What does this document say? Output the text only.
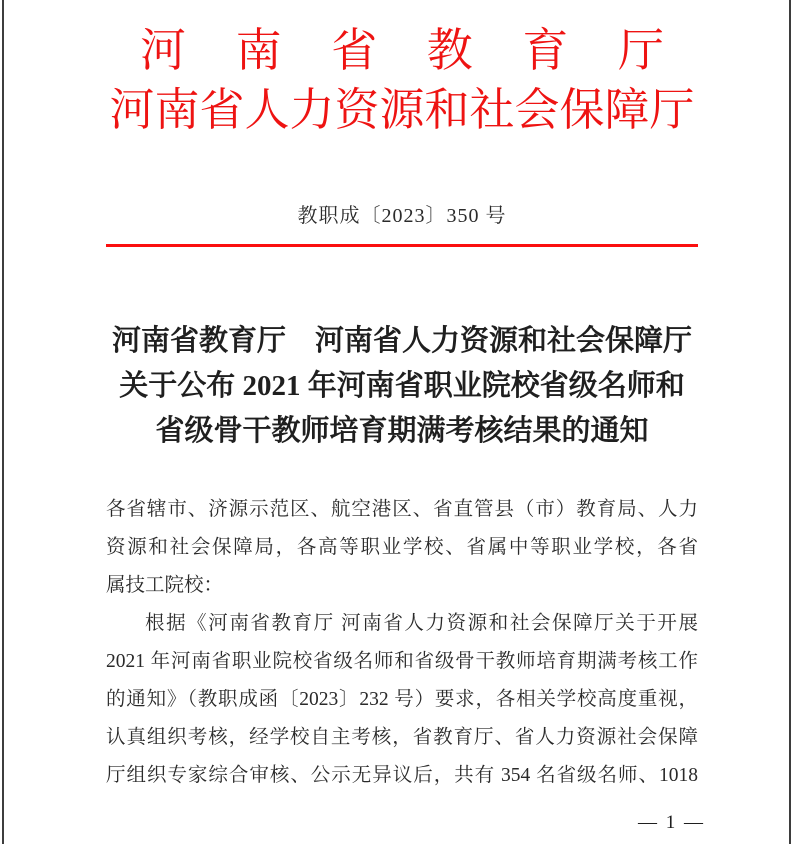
河南省教育厅
河南省人力资源和社会保障厅
教职成〔2023〕350 号
河南省教育厅　河南省人力资源和社会保障厅
关于公布 2021 年河南省职业院校省级名师和
省级骨干教师培育期满考核结果的通知
各省辖市、济源示范区、航空港区、省直管县（市）教育局、人力
资源和社会保障局，各高等职业学校、省属中等职业学校，各省
属技工院校：
根据《河南省教育厅 河南省人力资源和社会保障厅关于开展
2021 年河南省职业院校省级名师和省级骨干教师培育期满考核工作
的通知》（教职成函〔2023〕232 号）要求，各相关学校高度重视，
认真组织考核，经学校自主考核，省教育厅、省人力资源社会保障
厅组织专家综合审核、公示无异议后，共有 354 名省级名师、1018
— 1 —
